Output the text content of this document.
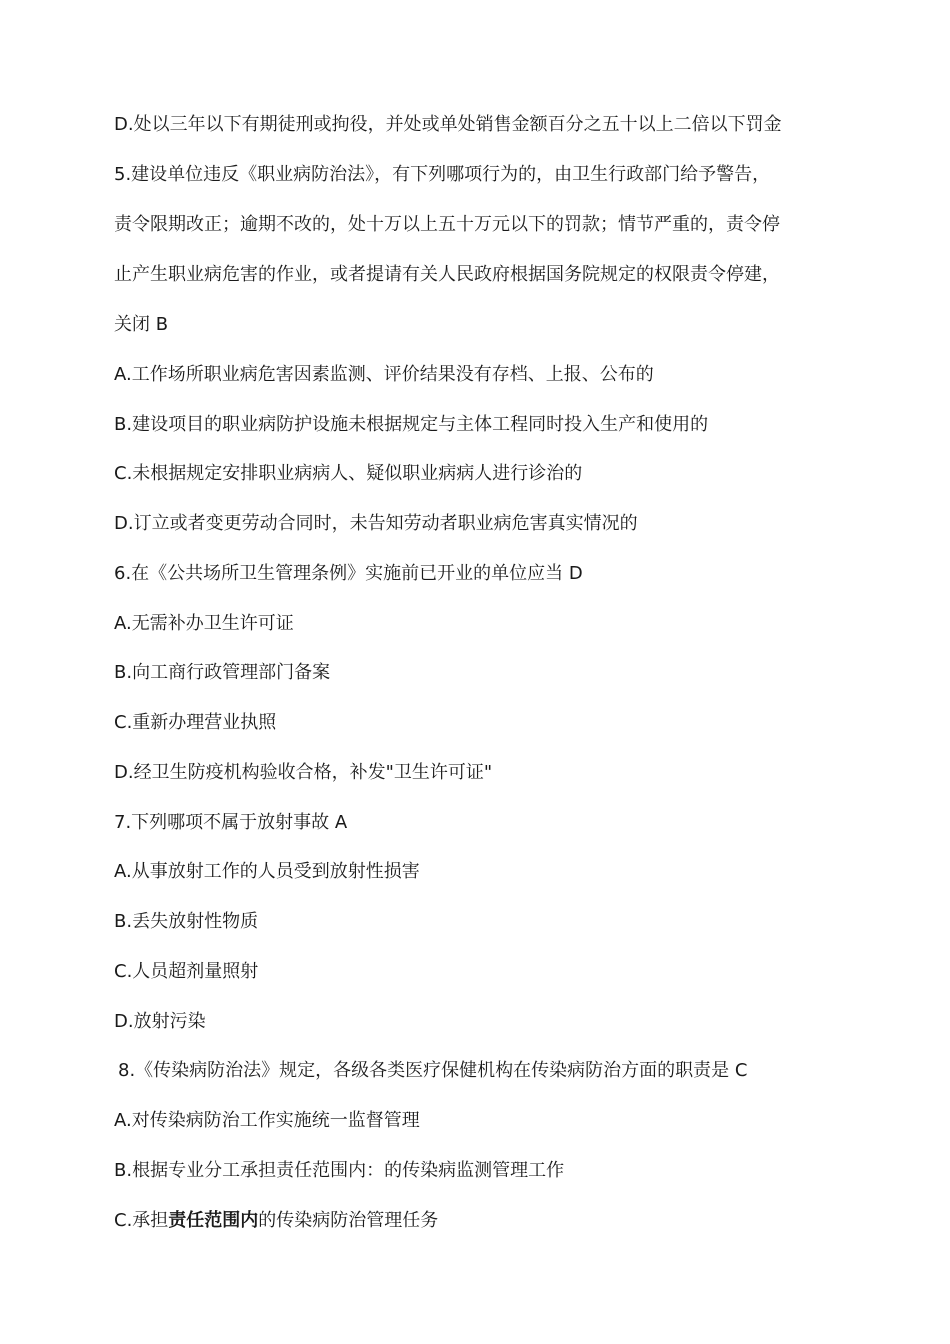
D.处以三年以下有期徒刑或拘役，并处或单处销售金额百分之五十以上二倍以下罚金
5.建设单位违反《职业病防治法》，有下列哪项行为的，由卫生行政部门给予警告，
责令限期改正；逾期不改的，处十万以上五十万元以下的罚款；情节严重的，责令停
止产生职业病危害的作业，或者提请有关人民政府根据国务院规定的权限责令停建，
关闭 B
A.工作场所职业病危害因素监测、评价结果没有存档、上报、公布的
B.建设项目的职业病防护设施未根据规定与主体工程同时投入生产和使用的
C.未根据规定安排职业病病人、疑似职业病病人进行诊治的
D.订立或者变更劳动合同时，未告知劳动者职业病危害真实情况的
6.在《公共场所卫生管理条例》实施前已开业的单位应当 D
A.无需补办卫生许可证
B.向工商行政管理部门备案
C.重新办理营业执照
D.经卫生防疫机构验收合格，补发"卫生许可证"
7.下列哪项不属于放射事故 A
A.从事放射工作的人员受到放射性损害
B.丢失放射性物质
C.人员超剂量照射
D.放射污染
8.《传染病防治法》规定，各级各类医疗保健机构在传染病防治方面的职责是 C
A.对传染病防治工作实施统一监督管理
B.根据专业分工承担责任范围内：的传染病监测管理工作
C.承担责任范围内的传染病防治管理任务
